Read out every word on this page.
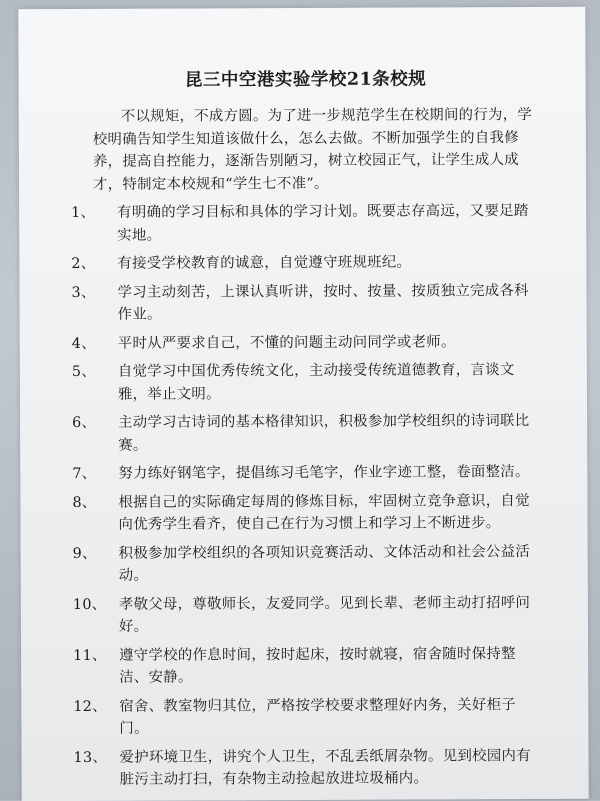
昆三中空港实验学校21条校规
不以规矩，不成方圆。为了进一步规范学生在校期间的行为，学校明确告知学生知道该做什么，怎么去做。不断加强学生的自我修养，提高自控能力，逐渐告别陋习，树立校园正气，让学生成人成才，特制定本校规和“学生七不准”。
1、	有明确的学习目标和具体的学习计划。既要志存高远，又要足踏实地。
2、	有接受学校教育的诚意，自觉遵守班规班纪。
3、	学习主动刻苦，上课认真听讲，按时、按量、按质独立完成各科作业。
4、	平时从严要求自己，不懂的问题主动问同学或老师。
5、	自觉学习中国优秀传统文化，主动接受传统道德教育，言谈文雅，举止文明。
6、	主动学习古诗词的基本格律知识，积极参加学校组织的诗词联比赛。
7、	努力练好钢笔字，提倡练习毛笔字，作业字迹工整，卷面整洁。
8、	根据自己的实际确定每周的修炼目标，牢固树立竞争意识，自觉向优秀学生看齐，使自己在行为习惯上和学习上不断进步。
9、	积极参加学校组织的各项知识竞赛活动、文体活动和社会公益活动。
10、 孝敬父母，尊敬师长，友爱同学。见到长辈、老师主动打招呼问好。
11、 遵守学校的作息时间，按时起床，按时就寝，宿舍随时保持整洁、安静。
12、 宿舍、教室物归其位，严格按学校要求整理好内务，关好柜子门。
13、 爱护环境卫生，讲究个人卫生，不乱丢纸屑杂物。见到校园内有脏污主动打扫，有杂物主动捡起放进垃圾桶内。
